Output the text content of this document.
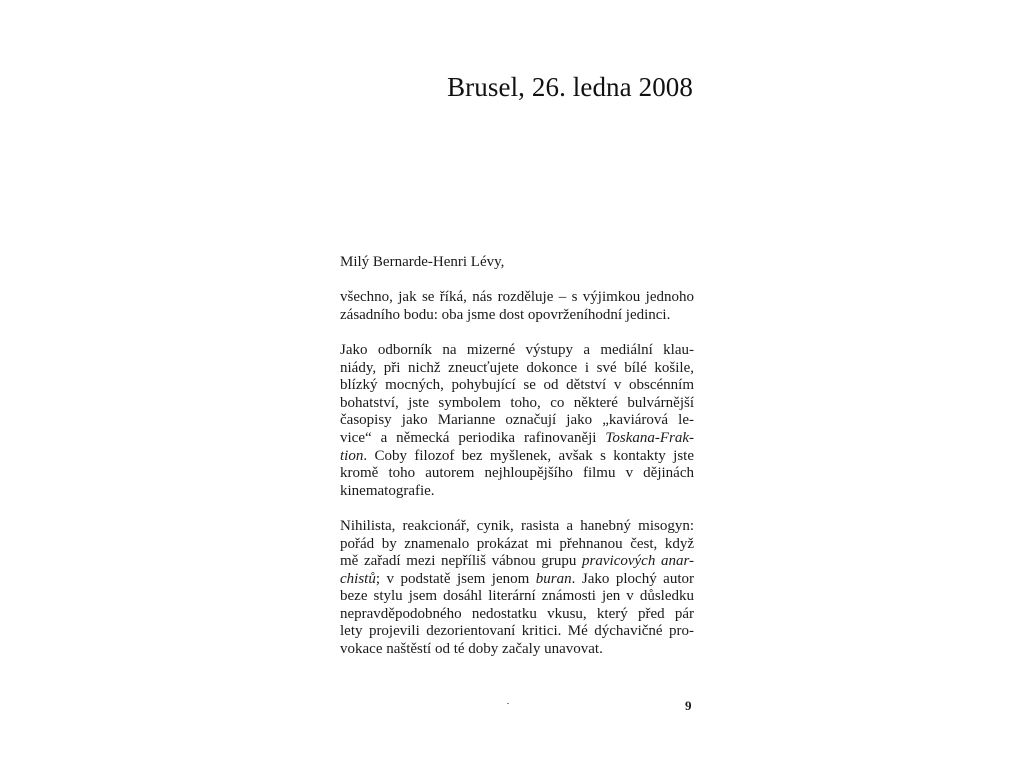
Brusel, 26. ledna 2008
Milý Bernarde-Henri Lévy,
všechno, jak se říká, nás rozděluje – s výjimkou jednoho
zásadního bodu: oba jsme dost opovrženíhodní jedinci.
Jako odborník na mizerné výstupy a mediální klau-
niády, při nichž zneucťujete dokonce i své bílé košile,
blízký mocných, pohybující se od dětství v obscénním
bohatství, jste symbolem toho, co některé bulvárnější
časopisy jako Marianne označují jako „kaviárová le-
vice“ a německá periodika rafinovaněji Toskana-Frak-
tion. Coby filozof bez myšlenek, avšak s kontakty jste
kromě toho autorem nejhloupějšího filmu v dějinách
kinematografie.
Nihilista, reakcionář, cynik, rasista a hanebný misogyn:
pořád by znamenalo prokázat mi přehnanou čest, když
mě zařadí mezi nepříliš vábnou grupu pravicových anar-
chistů; v podstatě jsem jenom buran. Jako plochý autor
beze stylu jsem dosáhl literární známosti jen v důsledku
nepravděpodobného nedostatku vkusu, který před pár
lety projevili dezorientovaní kritici. Mé dýchavičné pro-
vokace naštěstí od té doby začaly unavovat.
9
